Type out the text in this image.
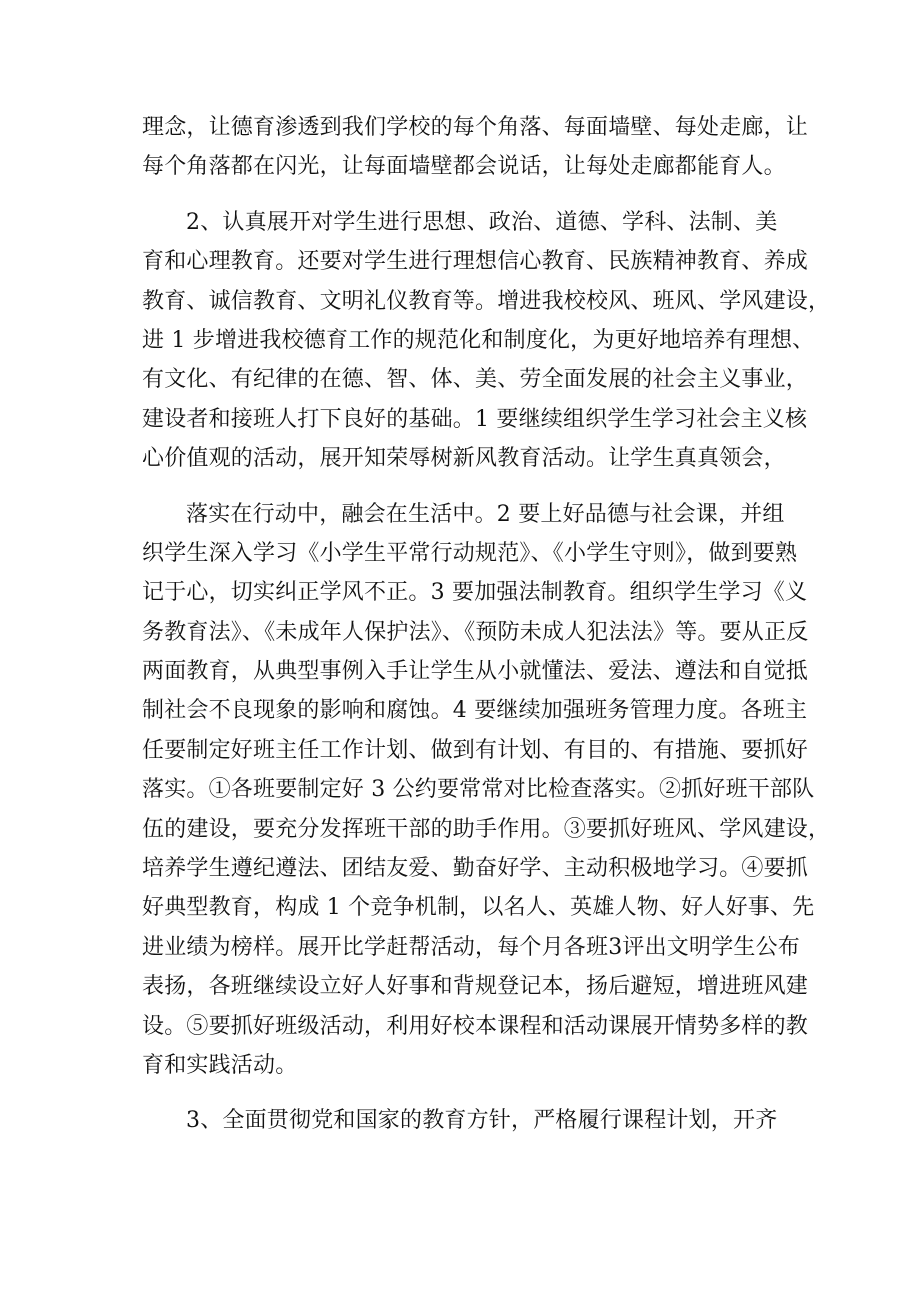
理念，让德育渗透到我们学校的每个角落、每面墙壁、每处走廊，让
每个角落都在闪光，让每面墙壁都会说话，让每处走廊都能育人。
2、认真展开对学生进行思想、政治、道德、学科、法制、美
育和心理教育。还要对学生进行理想信心教育、民族精神教育、养成
教育、诚信教育、文明礼仪教育等。增进我校校风、班风、学风建设，
进 1 步增进我校德育工作的规范化和制度化，为更好地培养有理想、
有文化、有纪律的在德、智、体、美、劳全面发展的社会主义事业，
建设者和接班人打下良好的基础。1 要继续组织学生学习社会主义核
心价值观的活动，展开知荣辱树新风教育活动。让学生真真领会，
落实在行动中，融会在生活中。2 要上好品德与社会课，并组
织学生深入学习《小学生平常行动规范》、《小学生守则》，做到要熟
记于心，切实纠正学风不正。3 要加强法制教育。组织学生学习《义
务教育法》、《未成年人保护法》、《预防未成人犯法法》等。要从正反
两面教育，从典型事例入手让学生从小就懂法、爱法、遵法和自觉抵
制社会不良现象的影响和腐蚀。4 要继续加强班务管理力度。各班主
任要制定好班主任工作计划、做到有计划、有目的、有措施、要抓好
落实。①各班要制定好 3 公约要常常对比检查落实。②抓好班干部队
伍的建设，要充分发挥班干部的助手作用。③要抓好班风、学风建设，
培养学生遵纪遵法、团结友爱、勤奋好学、主动积极地学习。④要抓
好典型教育，构成 1 个竞争机制，以名人、英雄人物、好人好事、先
进业绩为榜样。展开比学赶帮活动，每个月各班3评出文明学生公布
表扬，各班继续设立好人好事和背规登记本，扬后避短，增进班风建
设。⑤要抓好班级活动，利用好校本课程和活动课展开情势多样的教
育和实践活动。
3、全面贯彻党和国家的教育方针，严格履行课程计划，开齐
